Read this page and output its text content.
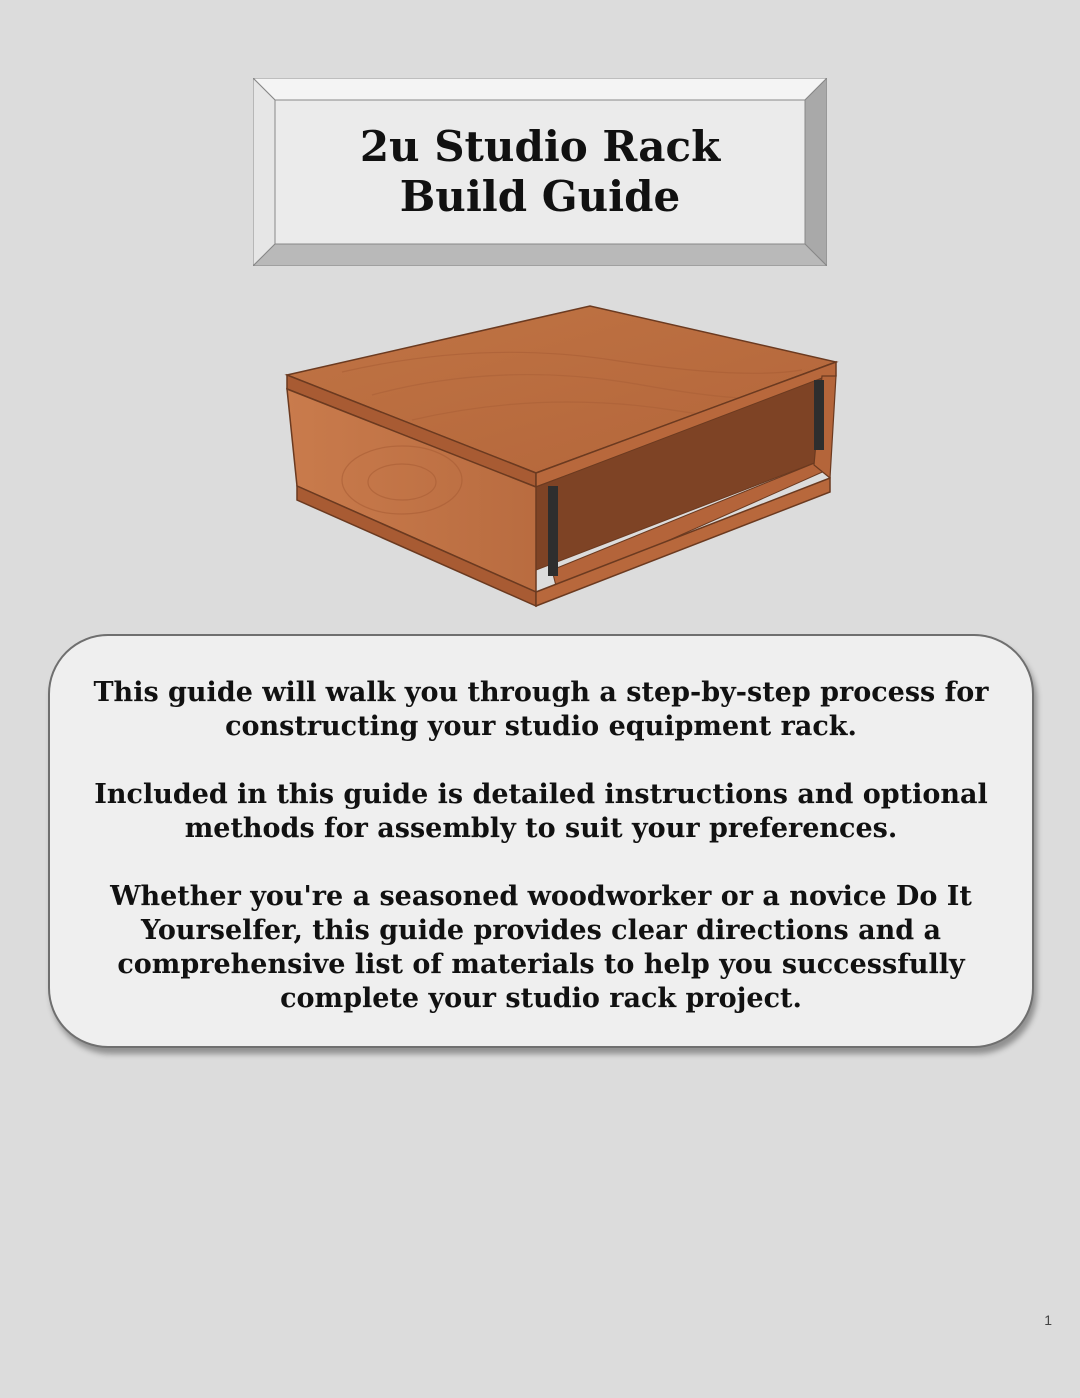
2u Studio Rack
Build Guide

This guide will walk you through a step-by-step process for constructing your studio equipment rack.

Included in this guide is detailed instructions and optional methods for assembly to suit your preferences.

Whether you're a seasoned woodworker or a novice Do It Yourselfer, this guide provides clear directions and a comprehensive list of materials to help you successfully complete your studio rack project.

1
